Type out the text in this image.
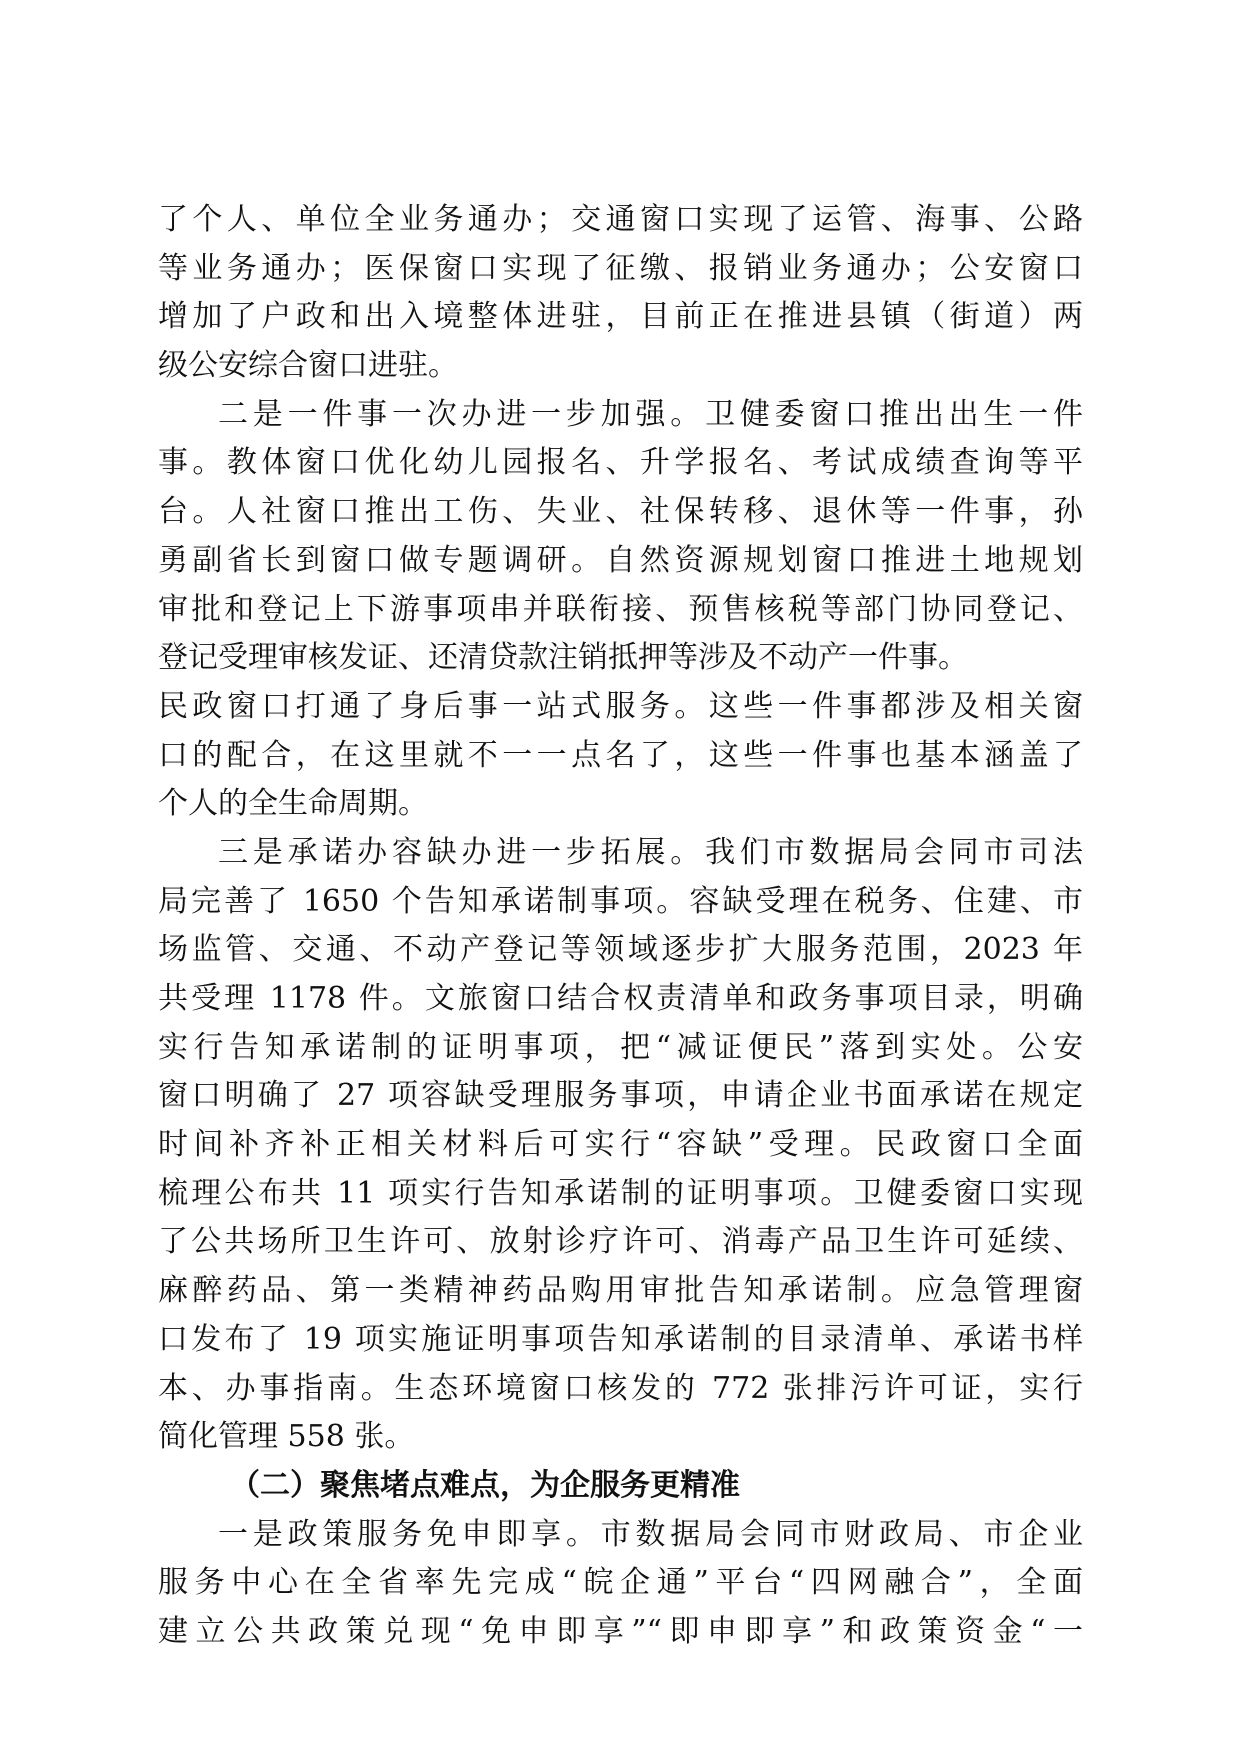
了个人、单位全业务通办；交通窗口实现了运管、海事、公路
等业务通办；医保窗口实现了征缴、报销业务通办；公安窗口
增加了户政和出入境整体进驻，目前正在推进县镇（街道）两
级公安综合窗口进驻。
二是一件事一次办进一步加强。卫健委窗口推出出生一件
事。教体窗口优化幼儿园报名、升学报名、考试成绩查询等平
台。人社窗口推出工伤、失业、社保转移、退休等一件事，孙
勇副省长到窗口做专题调研。自然资源规划窗口推进土地规划
审批和登记上下游事项串并联衔接、预售核税等部门协同登记、
登记受理审核发证、还清贷款注销抵押等涉及不动产一件事。
民政窗口打通了身后事一站式服务。这些一件事都涉及相关窗
口的配合，在这里就不一一点名了，这些一件事也基本涵盖了
个人的全生命周期。
三是承诺办容缺办进一步拓展。我们市数据局会同市司法
局完善了 1650 个告知承诺制事项。容缺受理在税务、住建、市
场监管、交通、不动产登记等领域逐步扩大服务范围，2023 年
共受理 1178 件。文旅窗口结合权责清单和政务事项目录，明确
实行告知承诺制的证明事项，把“减证便民”落到实处。公安
窗口明确了 27 项容缺受理服务事项，申请企业书面承诺在规定
时间补齐补正相关材料后可实行“容缺”受理。民政窗口全面
梳理公布共 11 项实行告知承诺制的证明事项。卫健委窗口实现
了公共场所卫生许可、放射诊疗许可、消毒产品卫生许可延续、
麻醉药品、第一类精神药品购用审批告知承诺制。应急管理窗
口发布了 19 项实施证明事项告知承诺制的目录清单、承诺书样
本、办事指南。生态环境窗口核发的 772 张排污许可证，实行
简化管理 558 张。
（二）聚焦堵点难点，为企服务更精准
一是政策服务免申即享。市数据局会同市财政局、市企业
服务中心在全省率先完成“皖企通”平台“四网融合”，全面
建立公共政策兑现“免申即享”“即申即享”和政策资金“一
